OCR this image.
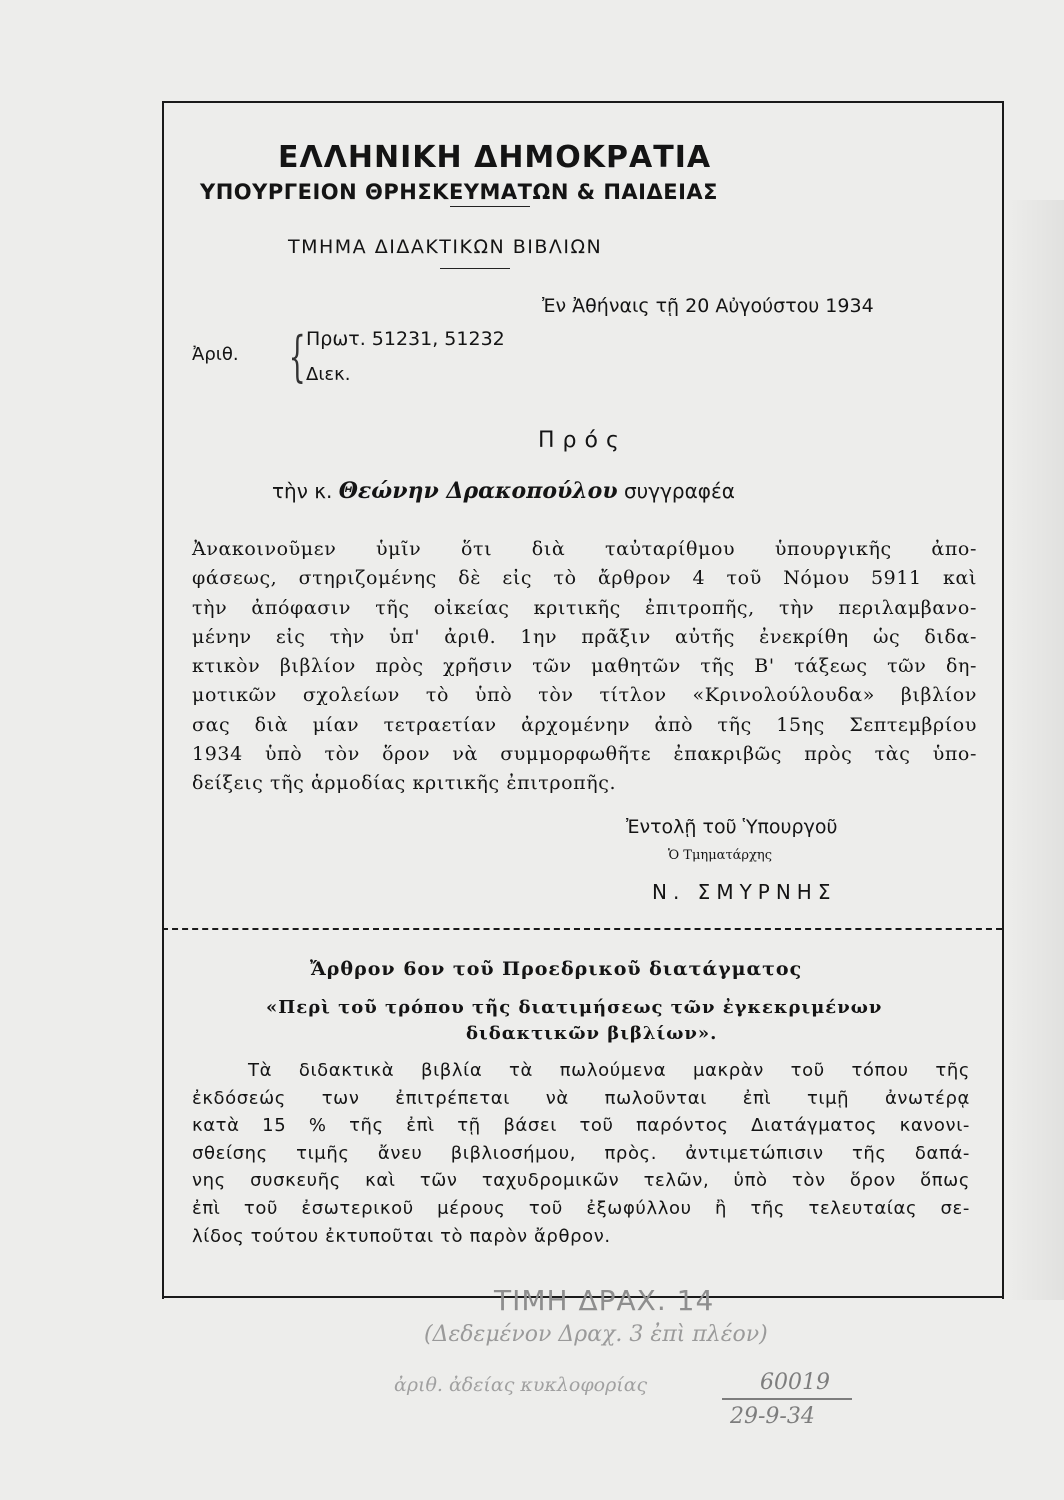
ΕΛΛΗΝΙΚΗ ΔΗΜΟΚΡΑΤΙΑ
ΥΠΟΥΡΓΕΙΟΝ ΘΡΗΣΚΕΥΜΑΤΩΝ & ΠΑΙΔΕΙΑΣ
ΤΜΗΜΑ ΔΙΔΑΚΤΙΚΩΝ ΒΙΒΛΙΩΝ
Ἐν Ἀθήναις τῇ 20 Αὐγούστου 1934
Ἀριθ. { Πρωτ. 51231, 51232
Διεκ.
Πρός
τὴν κ. Θεώνην Δρακοπούλου συγγραφέα
Ἀνακοινοῦμεν ὑμῖν ὅτι διὰ ταὐταρίθμου ὑπουργικῆς ἀπο-
φάσεως, στηριζομένης δὲ εἰς τὸ ἄρθρον 4 τοῦ Νόμου 5911 καὶ
τὴν ἀπόφασιν τῆς οἰκείας κριτικῆς ἐπιτροπῆς, τὴν περιλαμβανο-
μένην εἰς τὴν ὑπ' ἀριθ. 1ην πρᾶξιν αὐτῆς ἐνεκρίθη ὡς διδα-
κτικὸν βιβλίον πρὸς χρῆσιν τῶν μαθητῶν τῆς Β' τάξεως τῶν δη-
μοτικῶν σχολείων τὸ ὑπὸ τὸν τίτλον «Κρινολούλουδα» βιβλίον
σας διὰ μίαν τετραετίαν ἀρχομένην ἀπὸ τῆς 15ης Σεπτεμβρίου
1934 ὑπὸ τὸν ὅρον νὰ συμμορφωθῆτε ἐπακριβῶς πρὸς τὰς ὑπο-
δείξεις τῆς ἁρμοδίας κριτικῆς ἐπιτροπῆς.
Ἐντολῇ τοῦ Ὑπουργοῦ
Ὁ Τμηματάρχης
Ν. ΣΜΥΡΝΗΣ
Ἄρθρον 6ον τοῦ Προεδρικοῦ διατάγματος
«Περὶ τοῦ τρόπου τῆς διατιμήσεως τῶν ἐγκεκριμένων
διδακτικῶν βιβλίων».
Τὰ διδακτικὰ βιβλία τὰ πωλούμενα μακρὰν τοῦ τόπου τῆς
ἐκδόσεώς των ἐπιτρέπεται νὰ πωλοῦνται ἐπὶ τιμῇ ἀνωτέρᾳ
κατὰ 15 % τῆς ἐπὶ τῇ βάσει τοῦ παρόντος Διατάγματος κανονι-
σθείσης τιμῆς ἄνευ βιβλιοσήμου, πρὸς. ἀντιμετώπισιν τῆς δαπά-
νης συσκευῆς καὶ τῶν ταχυδρομικῶν τελῶν, ὑπὸ τὸν ὅρον ὅπως
ἐπὶ τοῦ ἐσωτερικοῦ μέρους τοῦ ἐξωφύλλου ἢ τῆς τελευταίας σε-
λίδος τούτου ἐκτυποῦται τὸ παρὸν ἄρθρον.
ΤΙΜΗ ΔΡΑΧ. 14
(Δεδεμένον Δραχ. 3 ἐπὶ πλέον)
ἀριθ. ἀδείας κυκλοφορίας	60019
29-9-34
